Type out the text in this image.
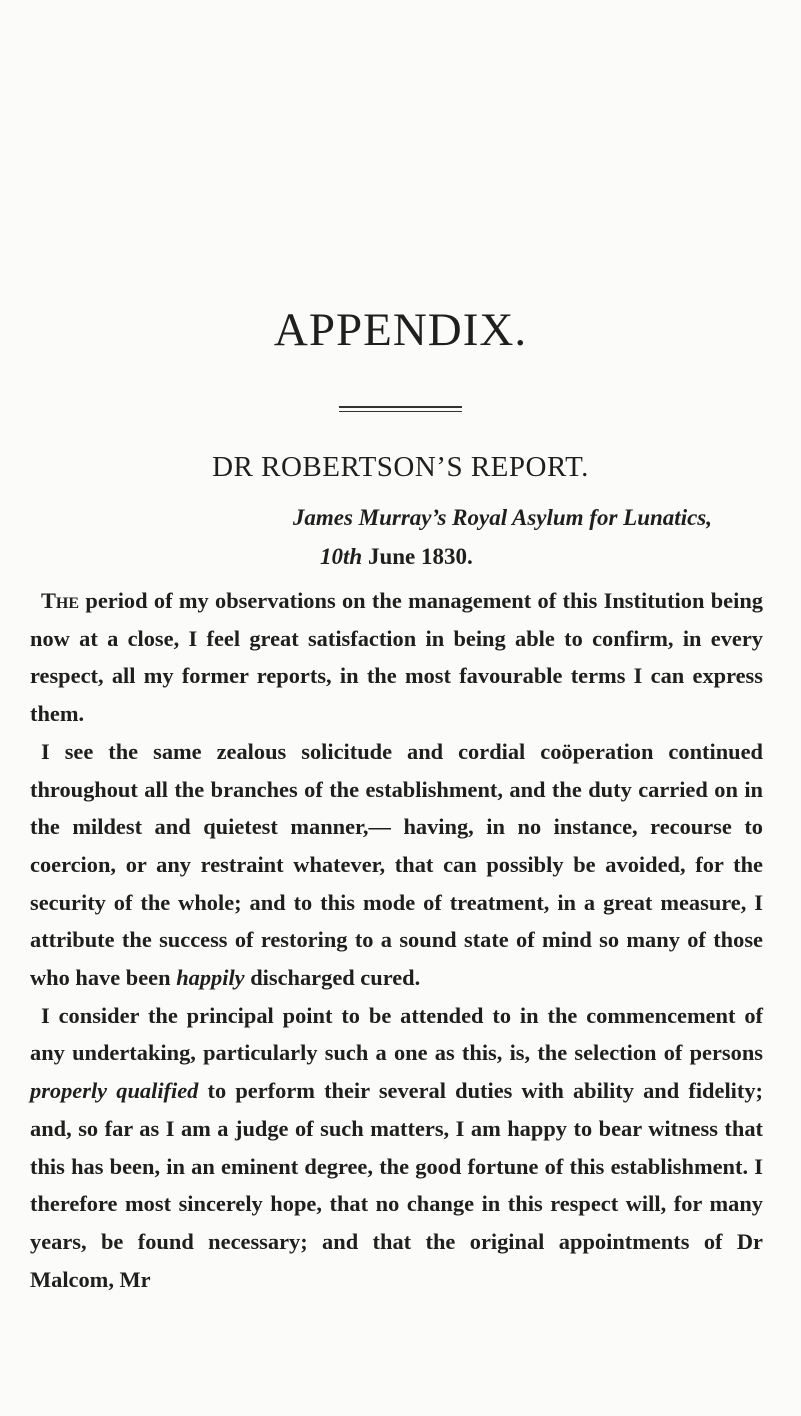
APPENDIX.
DR ROBERTSON’S REPORT.

James Murray’s Royal Asylum for Lunatics,

10th June 1830.

The period of my observations on the management of this Institution being now at a close, I feel great satisfaction in being able to confirm, in every respect, all my former reports, in the most favourable terms I can express them.

I see the same zealous solicitude and cordial coöperation continued throughout all the branches of the establishment, and the duty carried on in the mildest and quietest manner,— having, in no instance, recourse to coercion, or any restraint whatever, that can possibly be avoided, for the security of the whole; and to this mode of treatment, in a great measure, I attribute the success of restoring to a sound state of mind so many of those who have been happily discharged cured.

I consider the principal point to be attended to in the commencement of any undertaking, particularly such a one as this, is, the selection of persons properly qualified to perform their several duties with ability and fidelity; and, so far as I am a judge of such matters, I am happy to bear witness that this has been, in an eminent degree, the good fortune of this establishment. I therefore most sincerely hope, that no change in this respect will, for many years, be found necessary; and that the original appointments of Dr Malcom, Mr
